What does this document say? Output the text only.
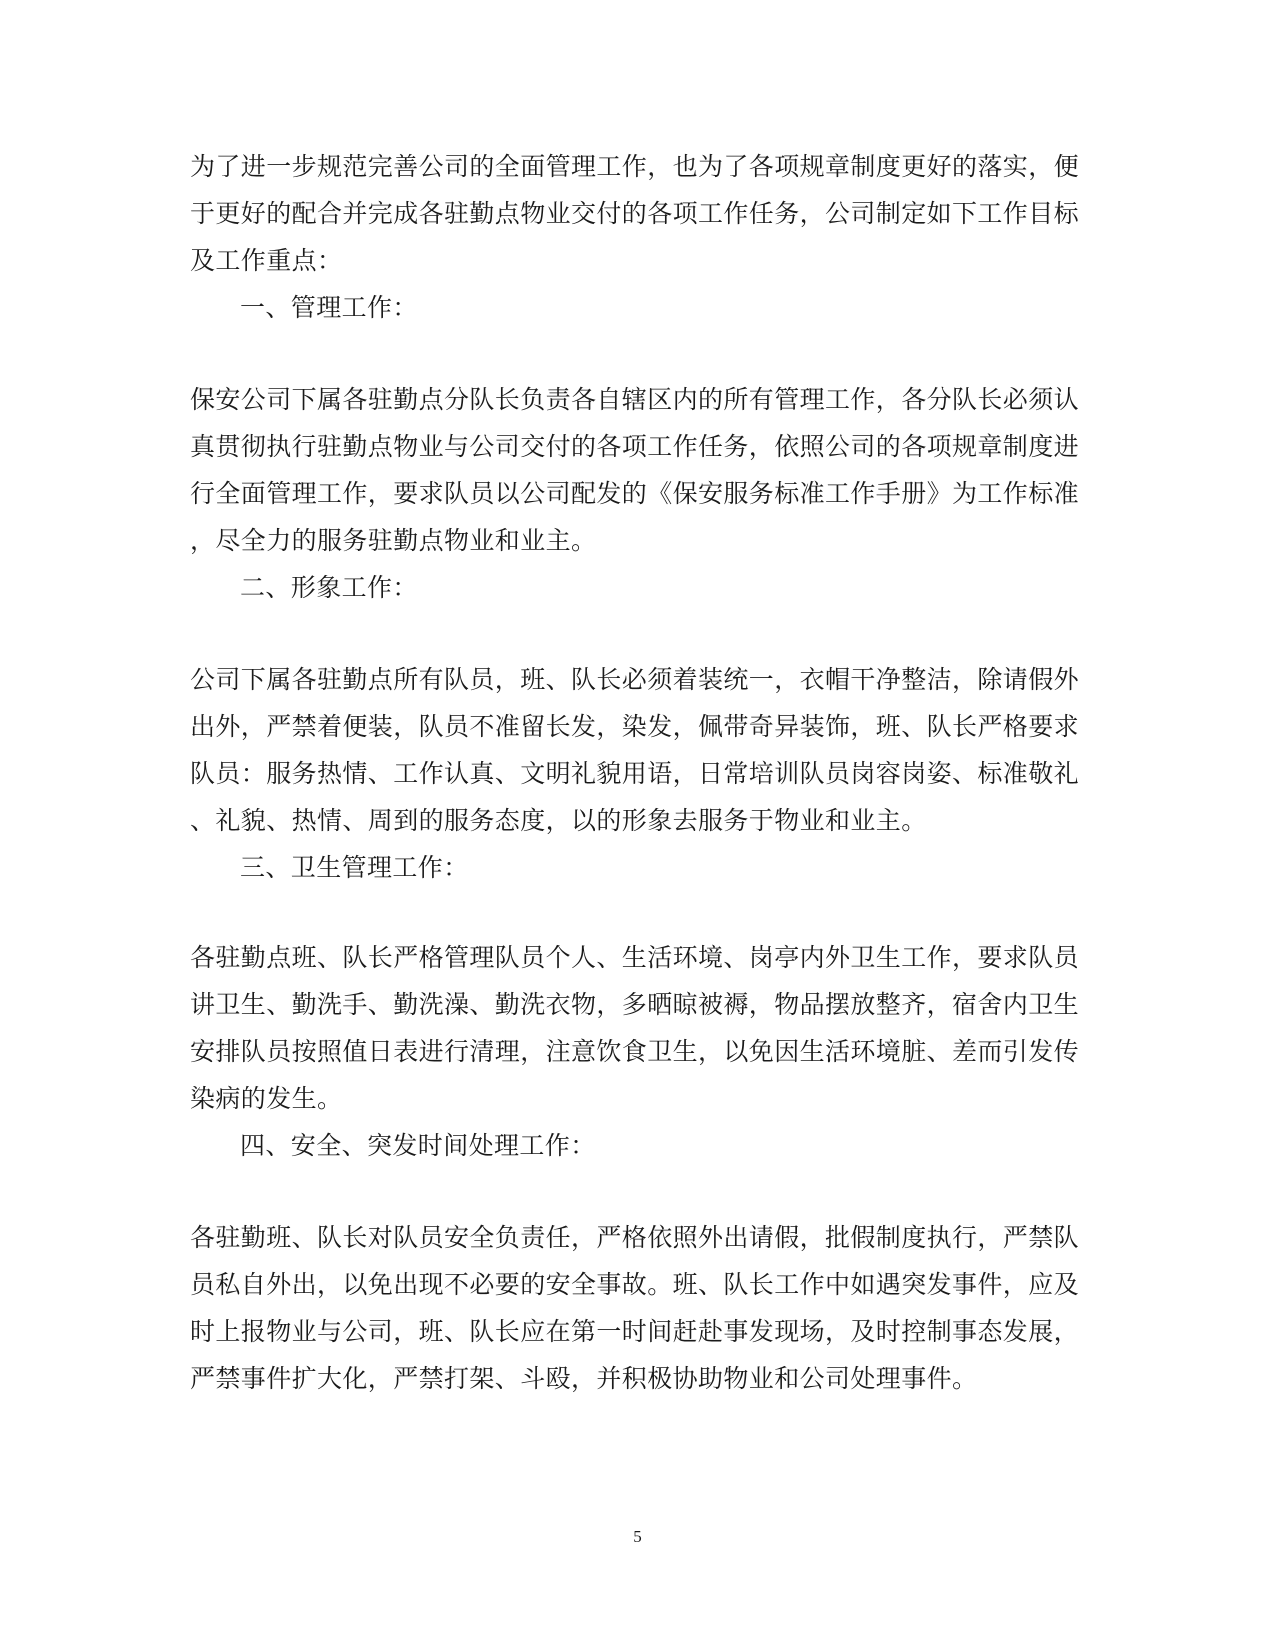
为了进一步规范完善公司的全面管理工作，也为了各项规章制度更好的落实，便
于更好的配合并完成各驻勤点物业交付的各项工作任务，公司制定如下工作目标
及工作重点：
一、管理工作：
保安公司下属各驻勤点分队长负责各自辖区内的所有管理工作，各分队长必须认
真贯彻执行驻勤点物业与公司交付的各项工作任务，依照公司的各项规章制度进
行全面管理工作，要求队员以公司配发的《保安服务标准工作手册》为工作标准
，尽全力的服务驻勤点物业和业主。
二、形象工作：
公司下属各驻勤点所有队员，班、队长必须着装统一，衣帽干净整洁，除请假外
出外，严禁着便装，队员不准留长发，染发，佩带奇异装饰，班、队长严格要求
队员：服务热情、工作认真、文明礼貌用语，日常培训队员岗容岗姿、标准敬礼
、礼貌、热情、周到的服务态度，以的形象去服务于物业和业主。
三、卫生管理工作：
各驻勤点班、队长严格管理队员个人、生活环境、岗亭内外卫生工作，要求队员
讲卫生、勤洗手、勤洗澡、勤洗衣物，多晒晾被褥，物品摆放整齐，宿舍内卫生
安排队员按照值日表进行清理，注意饮食卫生，以免因生活环境脏、差而引发传
染病的发生。
四、安全、突发时间处理工作：
各驻勤班、队长对队员安全负责任，严格依照外出请假，批假制度执行，严禁队
员私自外出，以免出现不必要的安全事故。班、队长工作中如遇突发事件，应及
时上报物业与公司，班、队长应在第一时间赶赴事发现场，及时控制事态发展，
严禁事件扩大化，严禁打架、斗殴，并积极协助物业和公司处理事件。
5
